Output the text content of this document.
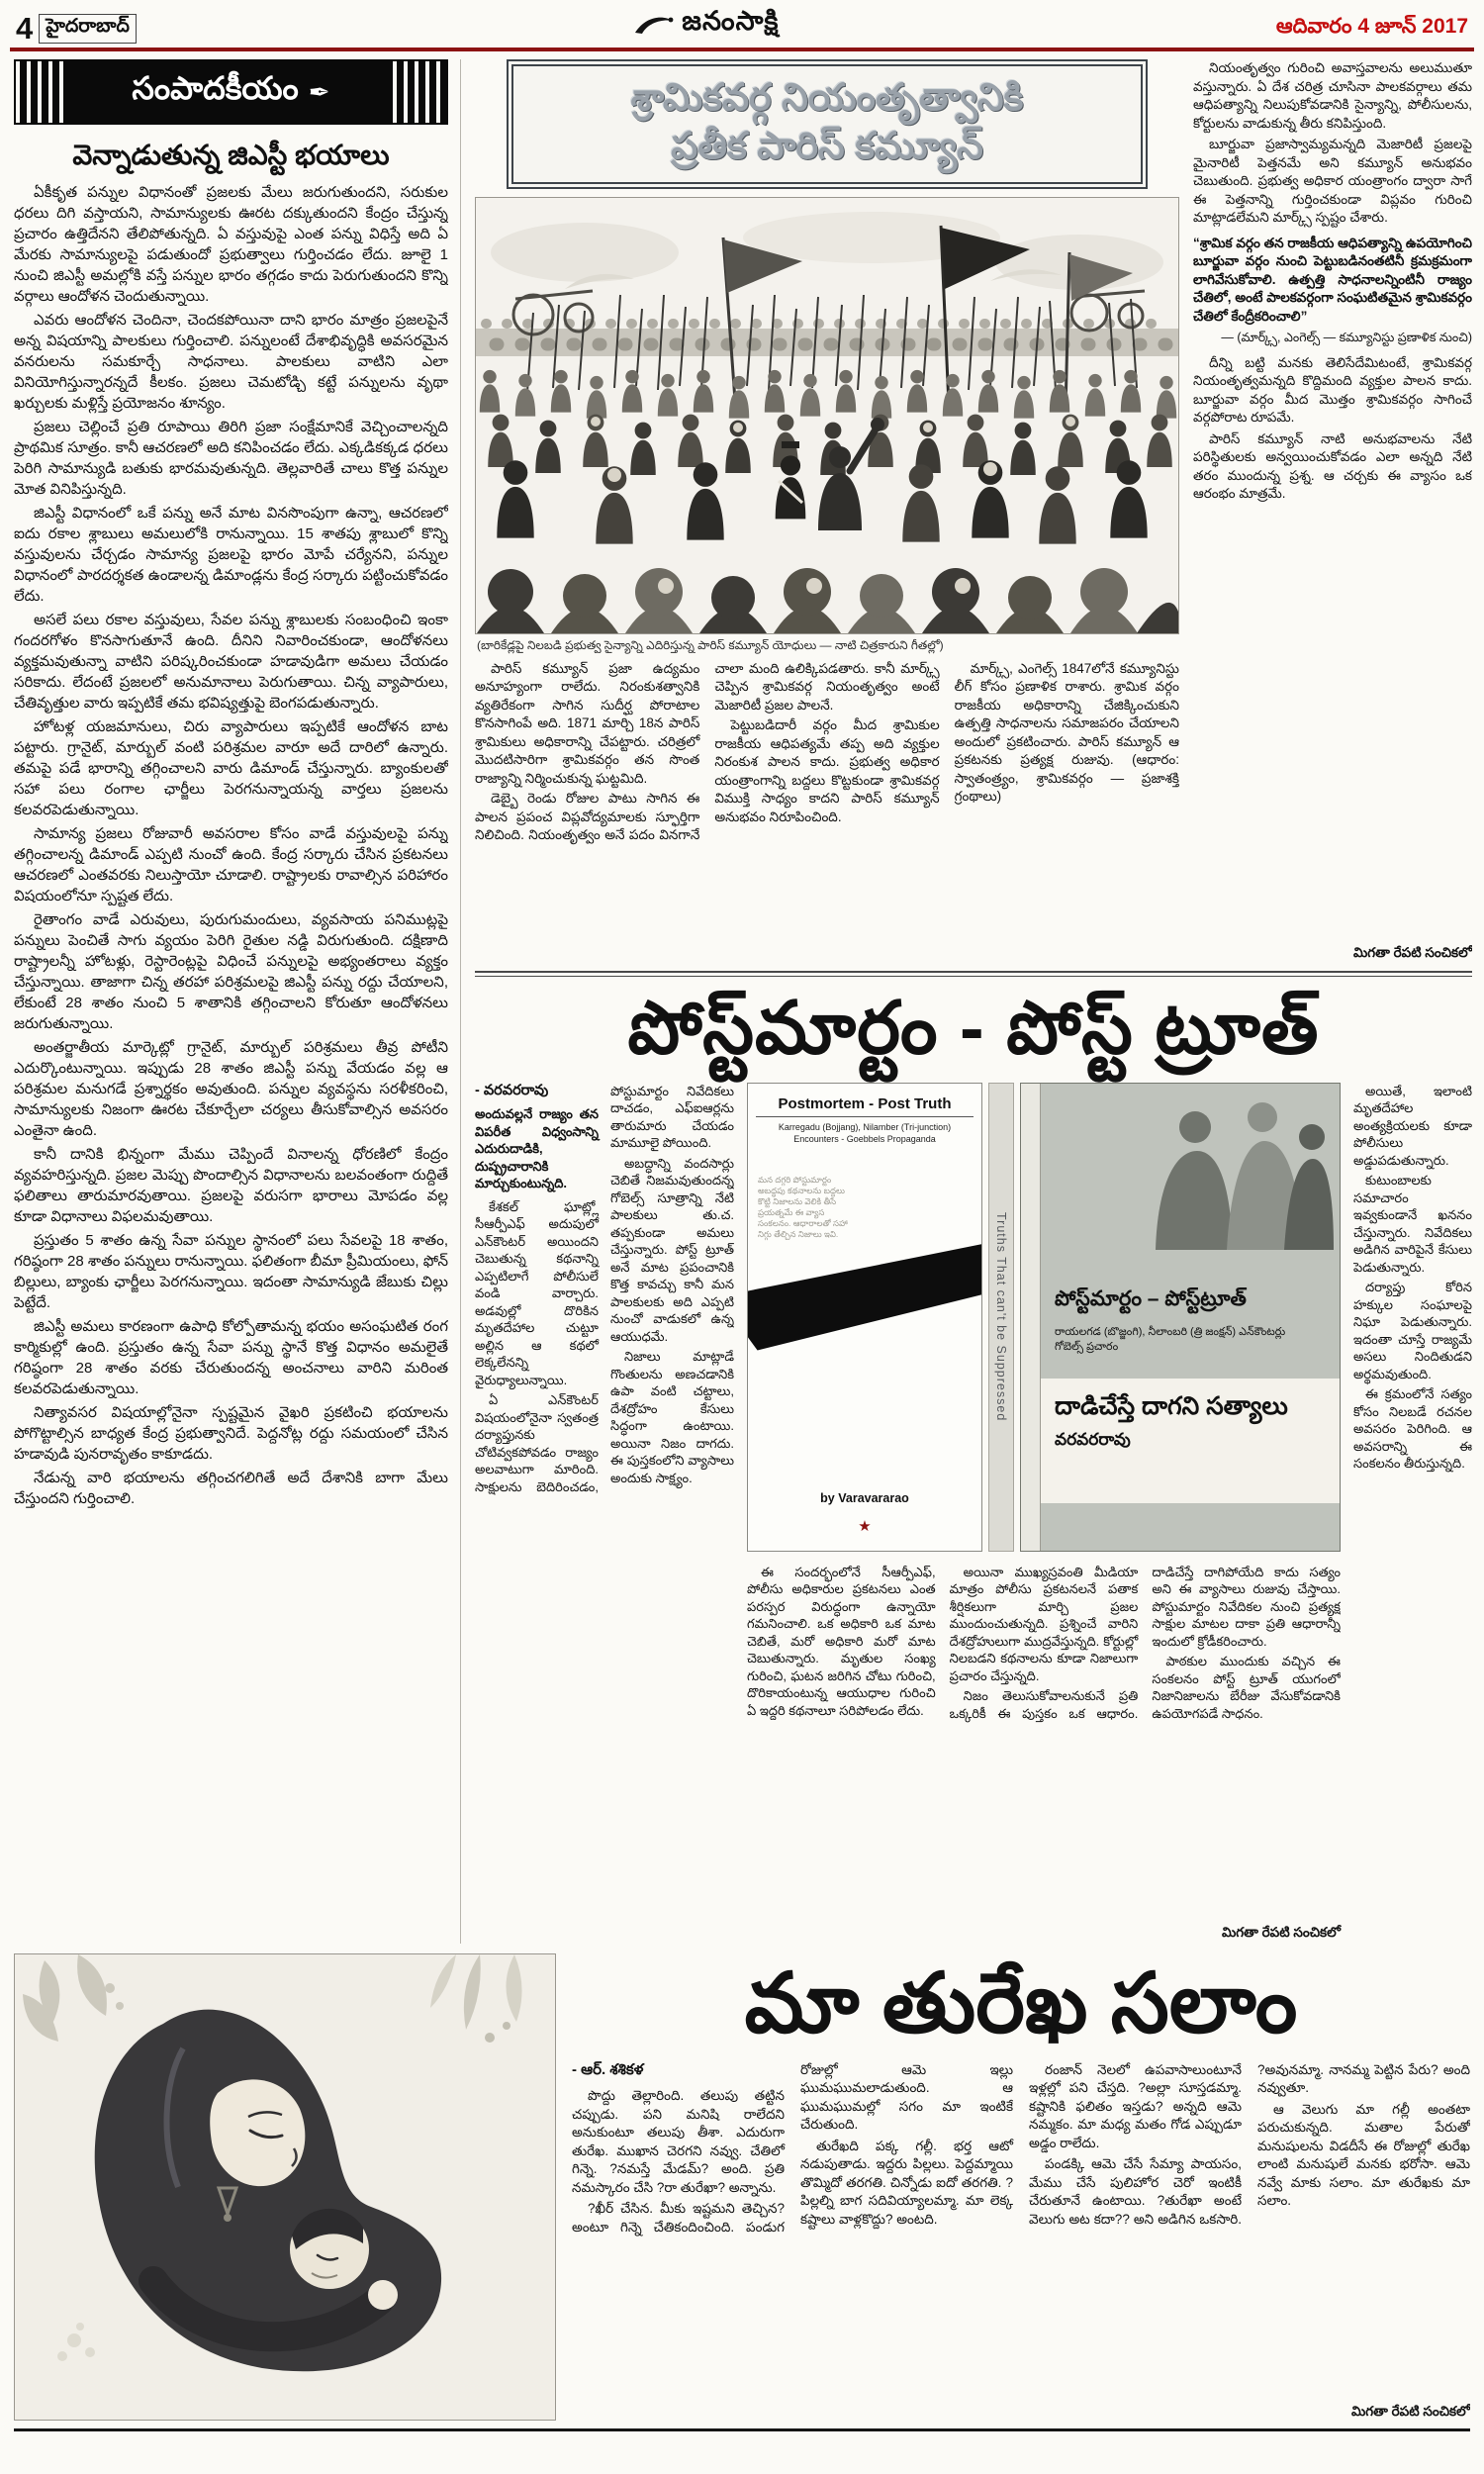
4 హైదరాబాద్	జనంసాక్షి	ఆదివారం 4 జూన్ 2017
సంపాదకీయం ✒
వెన్నాడుతున్న జిఎస్టీ భయాలు

ఏకీకృత పన్నుల విధానంతో ప్రజలకు మేలు జరుగుతుందని, సరుకుల ధరలు దిగి వస్తాయని, సామాన్యులకు ఊరట దక్కుతుందని కేంద్రం చేస్తున్న ప్రచారం ఉత్తిదేనని తేలిపోతున్నది. ఏ వస్తువుపై ఎంత పన్ను విధిస్తే అది ఏ మేరకు సామాన్యులపై పడుతుందో ప్రభుత్వాలు గుర్తించడం లేదు. జూలై 1 నుంచి జిఎస్టీ అమల్లోకి వస్తే పన్నుల భారం తగ్గడం కాదు పెరుగుతుందని కొన్ని వర్గాలు ఆందోళన చెందుతున్నాయి.

ఎవరు ఆందోళన చెందినా, చెందకపోయినా దాని భారం మాత్రం ప్రజలపైనే అన్న విషయాన్ని పాలకులు గుర్తించాలి. పన్నులంటే దేశాభివృద్ధికి అవసరమైన వనరులను సమకూర్చే సాధనాలు. పాలకులు వాటిని ఎలా వినియోగిస్తున్నారన్నదే కీలకం. ప్రజలు చెమటోడ్చి కట్టే పన్నులను వృథా ఖర్చులకు మళ్లిస్తే ప్రయోజనం శూన్యం.

ప్రజలు చెల్లించే ప్రతి రూపాయి తిరిగి ప్రజా సంక్షేమానికే వెచ్చించాలన్నది ప్రాథమిక సూత్రం. కానీ ఆచరణలో అది కనిపించడం లేదు. ఎక్కడికక్కడ ధరలు పెరిగి సామాన్యుడి బతుకు భారమవుతున్నది. తెల్లవారితే చాలు కొత్త పన్నుల మోత వినిపిస్తున్నది.

జిఎస్టీ విధానంలో ఒకే పన్ను అనే మాట వినసొంపుగా ఉన్నా, ఆచరణలో ఐదు రకాల శ్లాబులు అమలులోకి రానున్నాయి. 15 శాతపు శ్లాబులో కొన్ని వస్తువులను చేర్చడం సామాన్య ప్రజలపై భారం మోపే చర్యేనని, పన్నుల విధానంలో పారదర్శకత ఉండాలన్న డిమాండ్లను కేంద్ర సర్కారు పట్టించుకోవడం లేదు.

అసలే పలు రకాల వస్తువులు, సేవల పన్ను శ్లాబులకు సంబంధించి ఇంకా గందరగోళం కొనసాగుతూనే ఉంది. దీనిని నివారించకుండా, ఆందోళనలు వ్యక్తమవుతున్నా వాటిని పరిష్కరించకుండా హడావుడిగా అమలు చేయడం సరికాదు. లేదంటే ప్రజలలో అనుమానాలు పెరుగుతాయి. చిన్న వ్యాపారులు, చేతివృత్తుల వారు ఇప్పటికే తమ భవిష్యత్తుపై బెంగపడుతున్నారు.

హోటళ్ల యజమానులు, చిరు వ్యాపారులు ఇప్పటికే ఆందోళన బాట పట్టారు. గ్రానైట్, మార్బుల్ వంటి పరిశ్రమల వారూ అదే దారిలో ఉన్నారు. తమపై పడే భారాన్ని తగ్గించాలని వారు డిమాండ్ చేస్తున్నారు. బ్యాంకులతో సహా పలు రంగాల ఛార్జీలు పెరగనున్నాయన్న వార్తలు ప్రజలను కలవరపెడుతున్నాయి.

సామాన్య ప్రజలు రోజువారీ అవసరాల కోసం వాడే వస్తువులపై పన్ను తగ్గించాలన్న డిమాండ్ ఎప్పటి నుంచో ఉంది. కేంద్ర సర్కారు చేసిన ప్రకటనలు ఆచరణలో ఎంతవరకు నిలుస్తాయో చూడాలి. రాష్ట్రాలకు రావాల్సిన పరిహారం విషయంలోనూ స్పష్టత లేదు.

రైతాంగం వాడే ఎరువులు, పురుగుమందులు, వ్యవసాయ పనిముట్లపై పన్నులు పెంచితే సాగు వ్యయం పెరిగి రైతుల నడ్డి విరుగుతుంది. దక్షిణాది రాష్ట్రాలన్నీ హోటళ్లు, రెస్టారెంట్లపై విధించే పన్నులపై అభ్యంతరాలు వ్యక్తం చేస్తున్నాయి. తాజాగా చిన్న తరహా పరిశ్రమలపై జిఎస్టీ పన్ను రద్దు చేయాలని, లేకుంటే 28 శాతం నుంచి 5 శాతానికి తగ్గించాలని కోరుతూ ఆందోళనలు జరుగుతున్నాయి.

అంతర్జాతీయ మార్కెట్లో గ్రానైట్, మార్బుల్ పరిశ్రమలు తీవ్ర పోటీని ఎదుర్కొంటున్నాయి. ఇప్పుడు 28 శాతం జిఎస్టీ పన్ను వేయడం వల్ల ఆ పరిశ్రమల మనుగడే ప్రశ్నార్థకం అవుతుంది. పన్నుల వ్యవస్థను సరళీకరించి, సామాన్యులకు నిజంగా ఊరట చేకూర్చేలా చర్యలు తీసుకోవాల్సిన అవసరం ఎంతైనా ఉంది.

కానీ దానికి భిన్నంగా మేము చెప్పిందే వినాలన్న ధోరణిలో కేంద్రం వ్యవహరిస్తున్నది. ప్రజల మెప్పు పొందాల్సిన విధానాలను బలవంతంగా రుద్దితే ఫలితాలు తారుమారవుతాయి. ప్రజలపై వరుసగా భారాలు మోపడం వల్ల కూడా విధానాలు విఫలమవుతాయి.

ప్రస్తుతం 5 శాతం ఉన్న సేవా పన్నుల స్థానంలో పలు సేవలపై 18 శాతం, గరిష్ఠంగా 28 శాతం పన్నులు రానున్నాయి. ఫలితంగా బీమా ప్రీమియంలు, ఫోన్ బిల్లులు, బ్యాంకు ఛార్జీలు పెరగనున్నాయి. ఇదంతా సామాన్యుడి జేబుకు చిల్లు పెట్టేదే.

జిఎస్టీ అమలు కారణంగా ఉపాధి కోల్పోతామన్న భయం అసంఘటిత రంగ కార్మికుల్లో ఉంది. ప్రస్తుతం ఉన్న సేవా పన్ను స్థానే కొత్త విధానం అమలైతే గరిష్ఠంగా 28 శాతం వరకు చేరుతుందన్న అంచనాలు వారిని మరింత కలవరపెడుతున్నాయి.

నిత్యావసర విషయాల్లోనైనా స్పష్టమైన వైఖరి ప్రకటించి భయాలను పోగొట్టాల్సిన బాధ్యత కేంద్ర ప్రభుత్వానిదే. పెద్దనోట్ల రద్దు సమయంలో చేసిన హడావుడి పునరావృతం కాకూడదు.

నేడున్న వారి భయాలను తగ్గించగలిగితే అదే దేశానికి బాగా మేలు చేస్తుందని గుర్తించాలి.

శ్రామికవర్గ నియంతృత్వానికి
ప్రతీక పారిస్ కమ్యూన్
(బారికేడ్లపై నిలబడి ప్రభుత్వ సైన్యాన్ని ఎదిరిస్తున్న పారిస్ కమ్యూన్ యోధులు — నాటి చిత్రకారుని గీతల్లో)

పారిస్ కమ్యూన్ ప్రజా ఉద్యమం అనూహ్యంగా రాలేదు. నిరంకుశత్వానికి వ్యతిరేకంగా సాగిన సుదీర్ఘ పోరాటాల కొనసాగింపే అది. 1871 మార్చి 18న పారిస్ శ్రామికులు అధికారాన్ని చేపట్టారు. చరిత్రలో మొదటిసారిగా శ్రామికవర్గం తన సొంత రాజ్యాన్ని నిర్మించుకున్న ఘట్టమిది.

డెబ్బై రెండు రోజుల పాటు సాగిన ఈ పాలన ప్రపంచ విప్లవోద్యమాలకు స్ఫూర్తిగా నిలిచింది. నియంతృత్వం అనే పదం వినగానే చాలా మంది ఉలిక్కిపడతారు. కానీ మార్క్స్ చెప్పిన శ్రామికవర్గ నియంతృత్వం అంటే మెజారిటీ ప్రజల పాలనే.

పెట్టుబడిదారీ వర్గం మీద శ్రామికుల రాజకీయ ఆధిపత్యమే తప్ప అది వ్యక్తుల నిరంకుశ పాలన కాదు. ప్రభుత్వ అధికార యంత్రాంగాన్ని బద్దలు కొట్టకుండా శ్రామికవర్గ విముక్తి సాధ్యం కాదని పారిస్ కమ్యూన్ అనుభవం నిరూపించింది.

మార్క్స్, ఎంగెల్స్ 1847లోనే కమ్యూనిస్టు లీగ్ కోసం ప్రణాళిక రాశారు. శ్రామిక వర్గం రాజకీయ అధికారాన్ని చేజిక్కించుకుని ఉత్పత్తి సాధనాలను సమాజపరం చేయాలని అందులో ప్రకటించారు. పారిస్ కమ్యూన్ ఆ ప్రకటనకు ప్రత్యక్ష రుజువు. (ఆధారం: స్వాతంత్ర్యం, శ్రామికవర్గం — ప్రజాశక్తి గ్రంథాలు)

నియంతృత్వం గురించి అవాస్తవాలను అలుముతూ వస్తున్నారు. ఏ దేశ చరిత్ర చూసినా పాలకవర్గాలు తమ ఆధిపత్యాన్ని నిలుపుకోవడానికి సైన్యాన్ని, పోలీసులను, కోర్టులను వాడుకున్న తీరు కనిపిస్తుంది.

బూర్జువా ప్రజాస్వామ్యమన్నది మెజారిటీ ప్రజలపై మైనారిటీ పెత్తనమే అని కమ్యూన్ అనుభవం చెబుతుంది. ప్రభుత్వ అధికార యంత్రాంగం ద్వారా సాగే ఈ పెత్తనాన్ని గుర్తించకుండా విప్లవం గురించి మాట్లాడలేమని మార్క్స్ స్పష్టం చేశారు.

“శ్రామిక వర్గం తన రాజకీయ ఆధిపత్యాన్ని ఉపయోగించి బూర్జువా వర్గం నుంచి పెట్టుబడినంతటినీ క్రమక్రమంగా లాగివేసుకోవాలి. ఉత్పత్తి సాధనాలన్నింటినీ రాజ్యం చేతిలో, అంటే పాలకవర్గంగా సంఘటితమైన శ్రామికవర్గం చేతిలో కేంద్రీకరించాలి”
— (మార్క్స్, ఎంగెల్స్ — కమ్యూనిస్టు ప్రణాళిక నుంచి)

దీన్ని బట్టి మనకు తెలిసేదేమిటంటే, శ్రామికవర్గ నియంతృత్వమన్నది కొద్దిమంది వ్యక్తుల పాలన కాదు. బూర్జువా వర్గం మీద మొత్తం శ్రామికవర్గం సాగించే వర్గపోరాట రూపమే.

పారిస్ కమ్యూన్ నాటి అనుభవాలను నేటి పరిస్థితులకు అన్వయించుకోవడం ఎలా అన్నది నేటి తరం ముందున్న ప్రశ్న. ఆ చర్చకు ఈ వ్యాసం ఒక ఆరంభం మాత్రమే.

మిగతా రేపటి సంచికలో
పోస్ట్‌మార్టం - పోస్ట్ ట్రూత్
- వరవరరావు
అందువల్లనే రాజ్యం తన విపరీత విధ్వంసాన్ని ఎదురుదాడికి, దుష్ప్రచారానికి మార్చుకుంటున్నది.

కేశకల్ ఘాట్ల్లో సీఆర్పీఎఫ్ అదుపులో ఎన్‌కౌంటర్ అయిందని చెబుతున్న కథనాన్ని ఎప్పటిలాగే పోలీసులే వండి వార్చారు. అడవుల్లో దొరికిన మృతదేహాల చుట్టూ అల్లిన ఆ కథలో లెక్కలేనన్ని వైరుధ్యాలున్నాయి.

ఏ ఎన్‌కౌంటర్ విషయంలోనైనా స్వతంత్ర దర్యాప్తునకు చోటివ్వకపోవడం రాజ్యం అలవాటుగా మారింది. సాక్షులను బెదిరించడం, పోస్టుమార్టం నివేదికలు దాచడం, ఎఫ్‌ఐఆర్లను తారుమారు చేయడం మామూలై పోయింది.

అబద్ధాన్ని వందసార్లు చెబితే నిజమవుతుందన్న గోబెల్స్ సూత్రాన్ని నేటి పాలకులు తు.చ. తప్పకుండా అమలు చేస్తున్నారు. పోస్ట్ ట్రూత్ అనే మాట ప్రపంచానికి కొత్త కావచ్చు కానీ మన పాలకులకు అది ఎప్పటి నుంచో వాడుకలో ఉన్న ఆయుధమే.

నిజాలు మాట్లాడే గొంతులను అణచడానికి ఉపా వంటి చట్టాలు, దేశద్రోహం కేసులు సిద్ధంగా ఉంటాయి. అయినా నిజం దాగదు. ఈ పుస్తకంలోని వ్యాసాలు అందుకు సాక్ష్యం.

Postmortem - Post Truth
Karregadu (Bojjang), Nilamber (Tri-junction) Encounters - Goebbels Propaganda
మన దగ్గరి పోస్టుమార్టం అబద్ధపు కథనాలను బద్దలు కొట్టి నిజాలను వెలికి తీసే ప్రయత్నమే ఈ వ్యాస సంకలనం. ఆధారాలతో సహా నిగ్గు తేల్చిన నిజాలు ఇవి.
by Varavararao
★
Truths That can't be Suppressed పోస్ట్‌మార్టం – పోస్ట్‌ట్రూత్
రాయలగడ (బొజ్జంగి), నీలాంబరి (త్రి జంక్షన్) ఎన్‌కౌంటర్లు
గోబెల్స్ ప్రచారం
దాడిచేస్తే దాగని సత్యాలు
వరవరరావు

ఈ సందర్భంలోనే సీఆర్పీఎఫ్, పోలీసు అధికారుల ప్రకటనలు ఎంత పరస్పర విరుద్ధంగా ఉన్నాయో గమనించాలి. ఒక అధికారి ఒక మాట చెబితే, మరో అధికారి మరో మాట చెబుతున్నారు. మృతుల సంఖ్య గురించి, ఘటన జరిగిన చోటు గురించి, దొరికాయంటున్న ఆయుధాల గురించి ఏ ఇద్దరి కథనాలూ సరిపోలడం లేదు.

అయినా ముఖ్యస్రవంతి మీడియా మాత్రం పోలీసు ప్రకటనలనే పతాక శీర్షికలుగా మార్చి ప్రజల ముందుంచుతున్నది. ప్రశ్నించే వారిని దేశద్రోహులుగా ముద్రవేస్తున్నది. కోర్టుల్లో నిలబడని కథనాలను కూడా నిజాలుగా ప్రచారం చేస్తున్నది.

నిజం తెలుసుకోవాలనుకునే ప్రతి ఒక్కరికీ ఈ పుస్తకం ఒక ఆధారం. దాడిచేస్తే దాగిపోయేది కాదు సత్యం అని ఈ వ్యాసాలు రుజువు చేస్తాయి. పోస్టుమార్టం నివేదికల నుంచి ప్రత్యక్ష సాక్షుల మాటల దాకా ప్రతి ఆధారాన్నీ ఇందులో క్రోడీకరించారు.

పాఠకుల ముందుకు వచ్చిన ఈ సంకలనం పోస్ట్ ట్రూత్ యుగంలో నిజానిజాలను బేరీజు వేసుకోవడానికి ఉపయోగపడే సాధనం.

మిగతా రేపటి సంచికలో

అయితే, ఇలాంటి మృతదేహాల అంత్యక్రియలకు కూడా పోలీసులు అడ్డుపడుతున్నారు.

కుటుంబాలకు సమాచారం ఇవ్వకుండానే ఖననం చేస్తున్నారు. నివేదికలు అడిగిన వారిపైనే కేసులు పెడుతున్నారు.

దర్యాప్తు కోరిన హక్కుల సంఘాలపై నిఘా పెడుతున్నారు. ఇదంతా చూస్తే రాజ్యమే అసలు నిందితుడని అర్థమవుతుంది.

ఈ క్రమంలోనే సత్యం కోసం నిలబడే రచనల అవసరం పెరిగింది. ఆ అవసరాన్ని ఈ సంకలనం తీరుస్తున్నది.

మా తురేఖ సలాం
- ఆర్. శశికళ

పొద్దు తెల్లారింది. తలుపు తట్టిన చప్పుడు. పని మనిషి రాలేదని అనుకుంటూ తలుపు తీశా. ఎదురుగా తురేఖ. ముఖాన చెరగని నవ్వు. చేతిలో గిన్నె. ?నమస్తే మేడమ్? అంది. ప్రతి నమస్కారం చేసి ?రా తురేఖా? అన్నాను.

?ఖీర్ చేసిన. మీకు ఇష్టమని తెచ్చిన? అంటూ గిన్నె చేతికందించింది. పండుగ రోజుల్లో ఆమె ఇల్లు ఘుమఘుమలాడుతుంది. ఆ ఘుమఘుమల్లో సగం మా ఇంటికే చేరుతుంది.

తురేఖది పక్క గల్లీ. భర్త ఆటో నడుపుతాడు. ఇద్దరు పిల్లలు. పెద్దమ్మాయి తొమ్మిదో తరగతి. చిన్నోడు ఐదో తరగతి. ?పిల్లల్ని బాగ సదివియ్యాలమ్మా. మా లెక్క కష్టాలు వాళ్లకొద్దు? అంటది.

రంజాన్ నెలలో ఉపవాసాలుంటూనే ఇళ్లల్లో పని చేస్తది. ?అల్లా సూస్తడమ్మా. కష్టానికి ఫలితం ఇస్తడు? అన్నది ఆమె నమ్మకం. మా మధ్య మతం గోడ ఎప్పుడూ అడ్డం రాలేదు.

పండక్కి ఆమె చేసే సేమ్యా పాయసం, మేము చేసే పులిహోర చెరో ఇంటికీ చేరుతూనే ఉంటాయి. ?తురేఖా అంటే వెలుగు అట కదా?? అని అడిగిన ఒకసారి. ?అవునమ్మా. నానమ్మ పెట్టిన పేరు? అంది నవ్వుతూ.

ఆ వెలుగు మా గల్లీ అంతటా పరుచుకున్నది. మతాల పేరుతో మనుషులను విడదీసే ఈ రోజుల్లో తురేఖ లాంటి మనుషులే మనకు భరోసా. ఆమె నవ్వే మాకు సలాం. మా తురేఖకు మా సలాం.

మిగతా రేపటి సంచికలో
